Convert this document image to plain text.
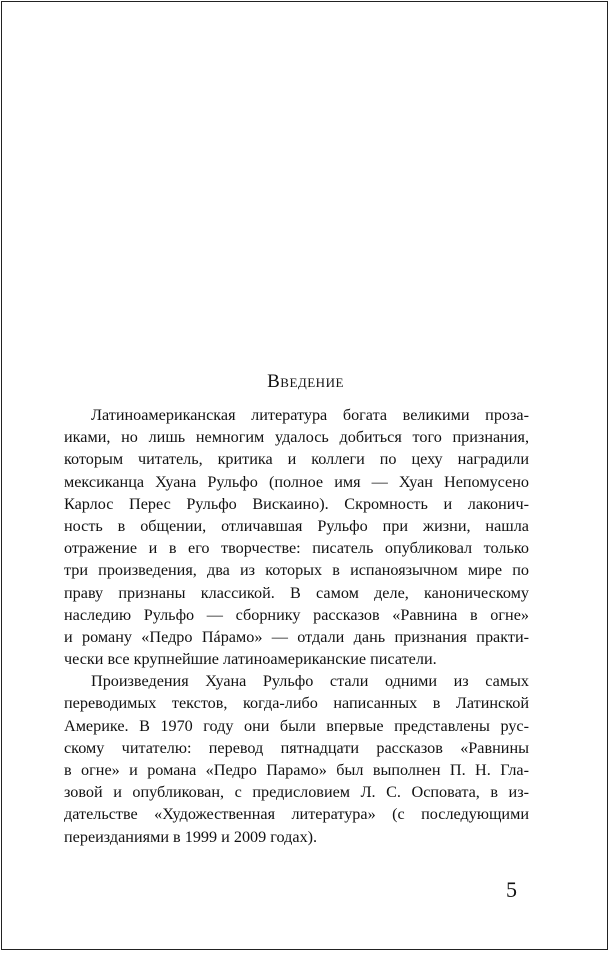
Введение
Латиноамериканская литература богата великими проза-
иками, но лишь немногим удалось добиться того признания,
которым читатель, критика и коллеги по цеху наградили
мексиканца Хуана Рульфо (полное имя — Хуан Непомусено
Карлос Перес Рульфо Вискаино). Скромность и лаконич-
ность в общении, отличавшая Рульфо при жизни, нашла
отражение и в его творчестве: писатель опубликовал только
три произведения, два из которых в испаноязычном мире по
праву признаны классикой. В самом деле, каноническому
наследию Рульфо — сборнику рассказов «Равнина в огне»
и роману «Педро Пáрамо» — отдали дань признания практи-
чески все крупнейшие латиноамериканские писатели.
Произведения Хуана Рульфо стали одними из самых
переводимых текстов, когда-либо написанных в Латинской
Америке. В 1970 году они были впервые представлены рус-
скому читателю: перевод пятнадцати рассказов «Равнины
в огне» и романа «Педро Парамо» был выполнен П. Н. Гла-
зовой и опубликован, с предисловием Л. С. Осповата, в из-
дательстве «Художественная литература» (с последующими
переизданиями в 1999 и 2009 годах).
5
